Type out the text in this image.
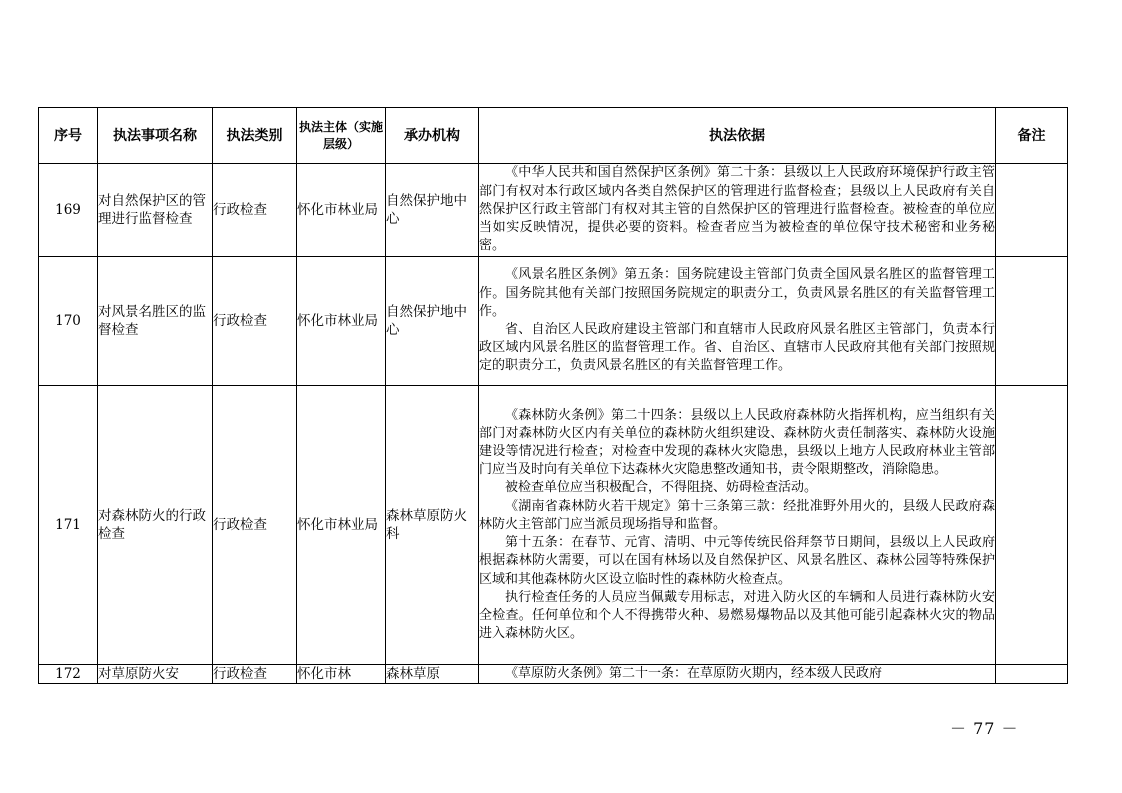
序号	执法事项名称	执法类别	执法主体（实施层级）	承办机构	执法依据	备注
169	对自然保护区的管理进行监督检查	行政检查	怀化市林业局	自然保护地中心	《中华人民共和国自然保护区条例》第二十条：县级以上人民政府环境保护行政主管部门有权对本行政区域内各类自然保护区的管理进行监督检查；县级以上人民政府有关自然保护区行政主管部门有权对其主管的自然保护区的管理进行监督检查。被检查的单位应当如实反映情况，提供必要的资料。检查者应当为被检查的单位保守技术秘密和业务秘密。	

170	对风景名胜区的监督检查	行政检查	怀化市林业局	自然保护地中心	《风景名胜区条例》第五条：国务院建设主管部门负责全国风景名胜区的监督管理工作。国务院其他有关部门按照国务院规定的职责分工，负责风景名胜区的有关监督管理工作。

省、自治区人民政府建设主管部门和直辖市人民政府风景名胜区主管部门，负责本行政区域内风景名胜区的监督管理工作。省、自治区、直辖市人民政府其他有关部门按照规定的职责分工，负责风景名胜区的有关监督管理工作。	

171	对森林防火的行政检查	行政检查	怀化市林业局	森林草原防火科	《森林防火条例》第二十四条：县级以上人民政府森林防火指挥机构，应当组织有关部门对森林防火区内有关单位的森林防火组织建设、森林防火责任制落实、森林防火设施建设等情况进行检查；对检查中发现的森林火灾隐患，县级以上地方人民政府林业主管部门应当及时向有关单位下达森林火灾隐患整改通知书，责令限期整改，消除隐患。

被检查单位应当积极配合，不得阻挠、妨碍检查活动。

《湖南省森林防火若干规定》第十三条第三款：经批准野外用火的，县级人民政府森林防火主管部门应当派员现场指导和监督。

第十五条：在春节、元宵、清明、中元等传统民俗拜祭节日期间，县级以上人民政府根据森林防火需要，可以在国有林场以及自然保护区、风景名胜区、森林公园等特殊保护区域和其他森林防火区设立临时性的森林防火检查点。

执行检查任务的人员应当佩戴专用标志，对进入防火区的车辆和人员进行森林防火安全检查。任何单位和个人不得携带火种、易燃易爆物品以及其他可能引起森林火灾的物品进入森林防火区。	

172	对草原防火安	行政检查	怀化市林	森林草原	《草原防火条例》第二十一条：在草原防火期内，经本级人民政府	

－ 77 －
